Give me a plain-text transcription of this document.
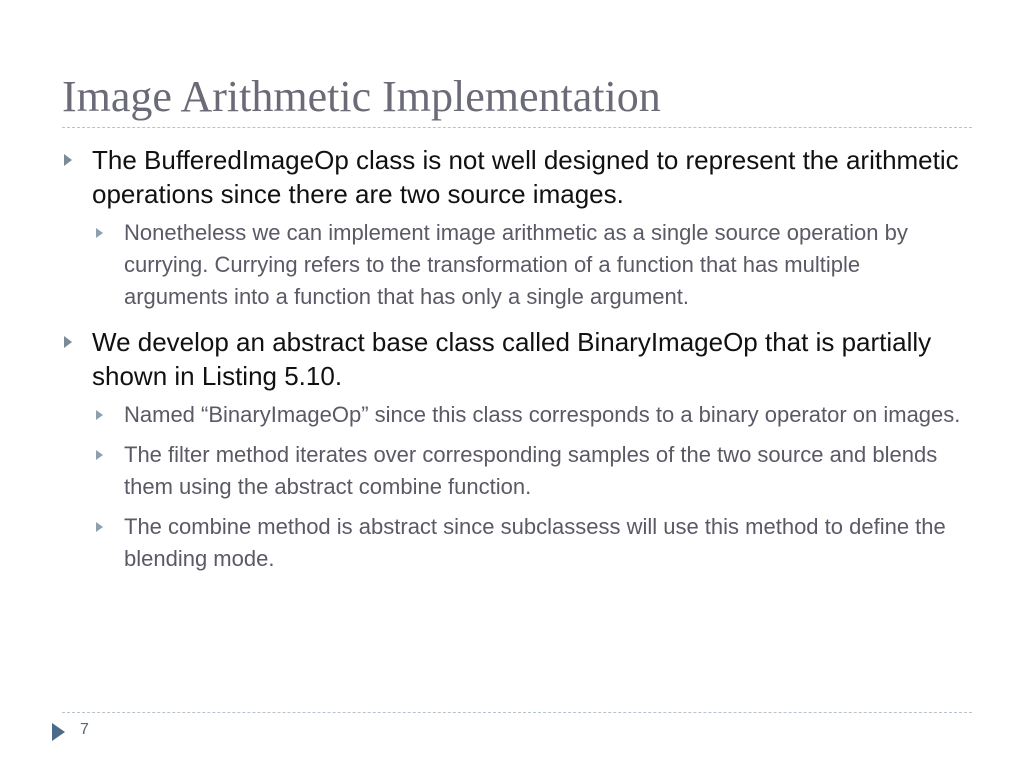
Image Arithmetic Implementation
The BufferedImageOp class is not well designed to represent the arithmetic operations since there are two source images.
Nonetheless we can implement image arithmetic as a single source operation by currying. Currying refers to the transformation of a function that has multiple arguments into a function that has only a single argument.
We develop an abstract base class called BinaryImageOp that is partially shown in Listing 5.10.
Named “BinaryImageOp” since this class corresponds to a binary operator on images.
The filter method iterates over corresponding samples of the two source and blends them using the abstract combine function.
The combine method is abstract since subclassess will use this method to define the blending mode.
7
